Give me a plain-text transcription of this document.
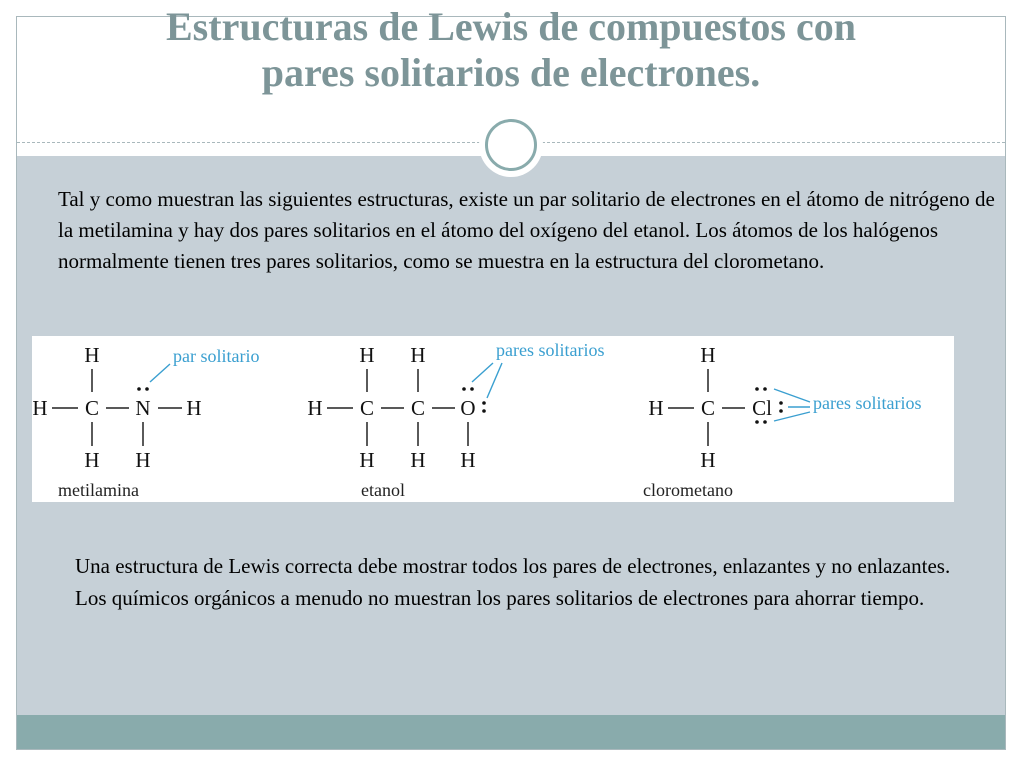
Estructuras de Lewis de compuestos con
pares solitarios de electrones.

Tal y como muestran las siguientes estructuras, existe un par solitario de electrones en el átomo de nitrógeno de la metilamina y hay dos pares solitarios en el átomo del oxígeno del etanol. Los átomos de los halógenos normalmente tienen tres pares solitarios, como se muestra en la estructura del clorometano.

H
H C N H
H H
par solitario
metilamina
H H
H C C O
H H H
pares solitarios
etanol
H
H C Cl
H
pares solitarios
clorometano

Una estructura de Lewis correcta debe mostrar todos los pares de electrones, enlazantes y no enlazantes. Los químicos orgánicos a menudo no muestran los pares solitarios de electrones para ahorrar tiempo.
